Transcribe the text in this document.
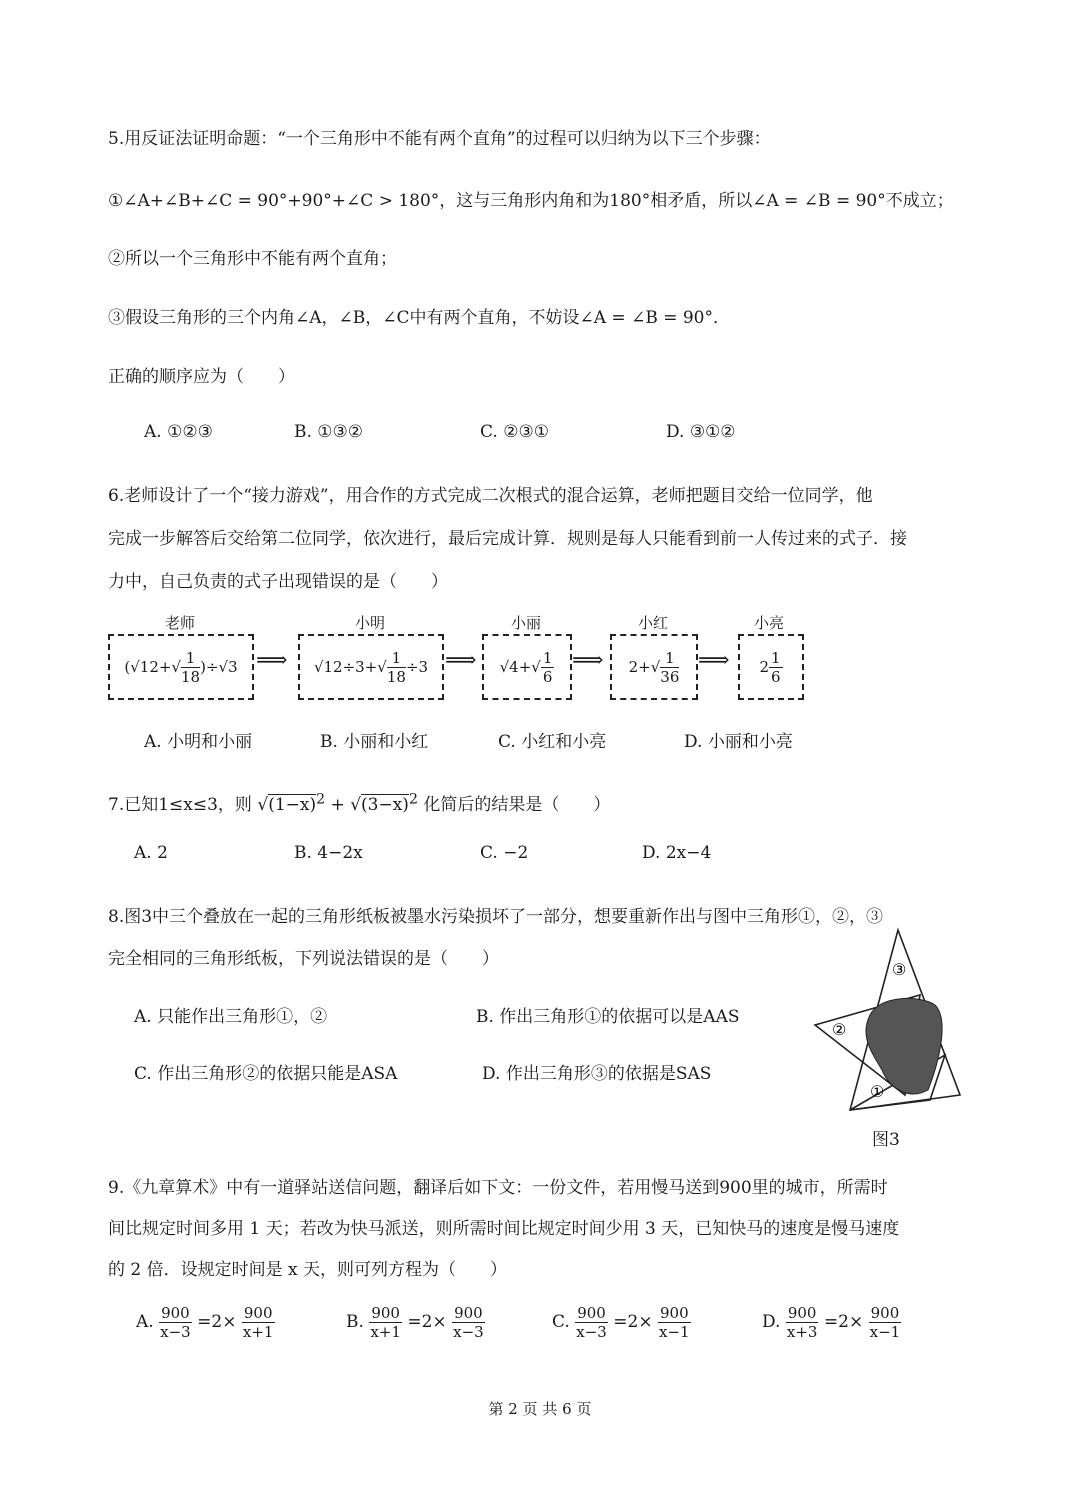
5.用反证法证明命题：“一个三角形中不能有两个直角”的过程可以归纳为以下三个步骤：
①∠A+∠B+∠C = 90°+90°+∠C > 180°，这与三角形内角和为180°相矛盾，所以∠A = ∠B = 90°不成立；
②所以一个三角形中不能有两个直角；
③假设三角形的三个内角∠A，∠B，∠C中有两个直角，不妨设∠A = ∠B = 90°．
正确的顺序应为（　　）
A. ①②③	B. ①③②	C. ②③①	D. ③①②
6.老师设计了一个“接力游戏”，用合作的方式完成二次根式的混合运算，老师把题目交给一位同学，他
完成一步解答后交给第二位同学，依次进行，最后完成计算．规则是每人只能看到前一人传过来的式子．接
力中，自己负责的式子出现错误的是（　　）
老师	小明	小丽	小红	小亮
( √12 + √ $\frac{1}{18}$ ) ÷√3 ⟹ √12÷3 + √ $\frac{1}{18} \div 3$ ⟹ √4 + √ $\frac{1}{6}$ ⟹ 2+ √ $\frac{1}{36}$ ⟹ $2 \frac{1}{6}$
A. 小明和小丽	B. 小丽和小红	C. 小红和小亮	D. 小丽和小亮
7.已知1≤x≤3，则 $√(1-x)^2 + √(3-x)^2$ 化简后的结果是（　　）
A. 2	B. 4−2x	C. −2	D. 2x−4
8.图3中三个叠放在一起的三角形纸板被墨水污染损坏了一部分，想要重新作出与图中三角形①，②，③
完全相同的三角形纸板，下列说法错误的是（　　）
A. 只能作出三角形①，②	B. 作出三角形①的依据可以是AAS
C. 作出三角形②的依据只能是ASA	D. 作出三角形③的依据是SAS
③
②
①
图3
9.《九章算术》中有一道驿站送信问题，翻译后如下文：一份文件，若用慢马送到900里的城市，所需时
间比规定时间多用 1 天；若改为快马派送，则所需时间比规定时间少用 3 天，已知快马的速度是慢马速度
的 2 倍．设规定时间是 x 天，则可列方程为（　　）
A. $\frac{900}{x-3} =2\times \frac{900}{x+1}$	B. $\frac{900}{x+1} =2\times \frac{900}{x-3}$	C. $\frac{900}{x-3} =2\times \frac{900}{x-1}$	D. $\frac{900}{x+3} =2\times \frac{900}{x-1}$
第 2 页 共 6 页
